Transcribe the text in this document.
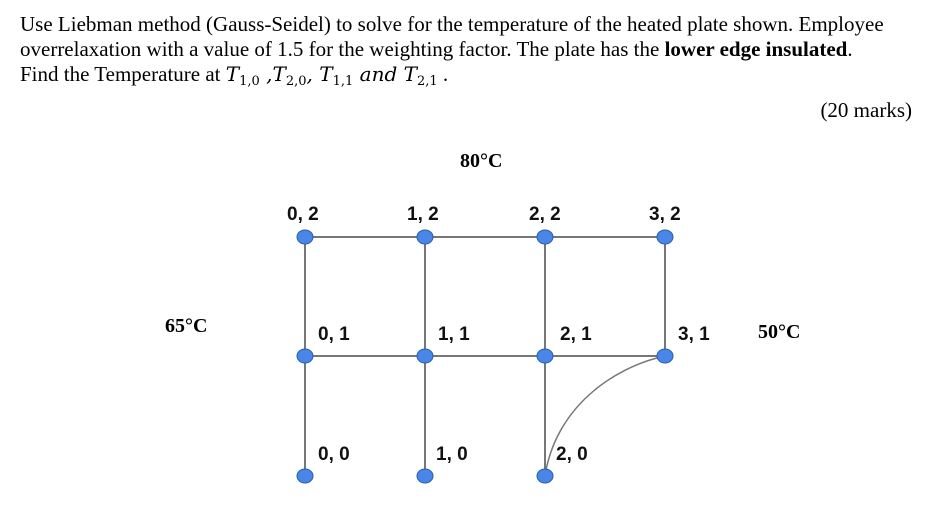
Use Liebman method (Gauss-Seidel) to solve for the temperature of the heated plate shown. Employee

overrelaxation with a value of 1.5 for the weighting factor. The plate has the lower edge insulated.

Find the Temperature at $T_{1,0}$ $,T_{2,0}$, $T_{1,1}$ and $T_{2,1}$ .

(20 marks)
80°C
65°C	50°C
0, 2	1, 2	2, 2	3, 2
0, 1	1, 1	2, 1	3, 1
0, 0	1, 0	2, 0
